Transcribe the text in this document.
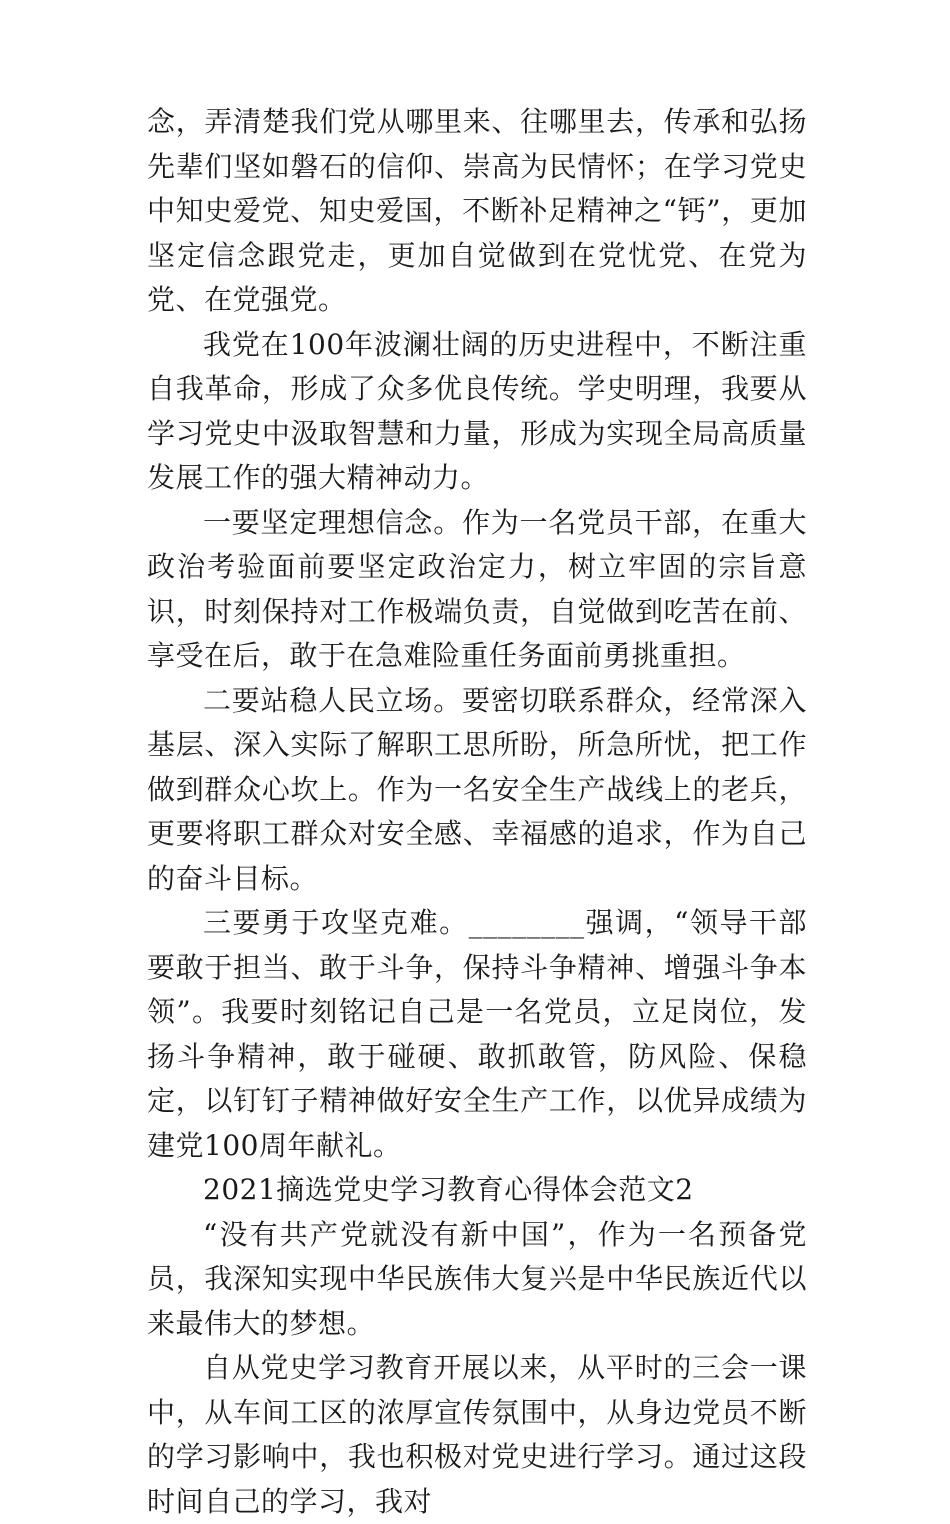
念，弄清楚我们党从哪里来、往哪里去，传承和弘扬先辈们坚如磐石的信仰、崇高为民情怀；在学习党史中知史爱党、知史爱国，不断补足精神之“钙”，更加坚定信念跟党走，更加自觉做到在党忧党、在党为党、在党强党。

我党在100年波澜壮阔的历史进程中，不断注重自我革命，形成了众多优良传统。学史明理，我要从学习党史中汲取智慧和力量，形成为实现全局高质量发展工作的强大精神动力。

一要坚定理想信念。作为一名党员干部，在重大政治考验面前要坚定政治定力，树立牢固的宗旨意识，时刻保持对工作极端负责，自觉做到吃苦在前、享受在后，敢于在急难险重任务面前勇挑重担。

二要站稳人民立场。要密切联系群众，经常深入基层、深入实际了解职工思所盼，所急所忧，把工作做到群众心坎上。作为一名安全生产战线上的老兵，更要将职工群众对安全感、幸福感的追求，作为自己的奋斗目标。

三要勇于攻坚克难。________强调，“领导干部要敢于担当、敢于斗争，保持斗争精神、增强斗争本领”。我要时刻铭记自己是一名党员，立足岗位，发扬斗争精神，敢于碰硬、敢抓敢管，防风险、保稳定，以钉钉子精神做好安全生产工作，以优异成绩为建党100周年献礼。

2021摘选党史学习教育心得体会范文2

“没有共产党就没有新中国”，作为一名预备党员，我深知实现中华民族伟大复兴是中华民族近代以来最伟大的梦想。

自从党史学习教育开展以来，从平时的三会一课中，从车间工区的浓厚宣传氛围中，从身边党员不断的学习影响中，我也积极对党史进行学习。通过这段时间自己的学习，我对
